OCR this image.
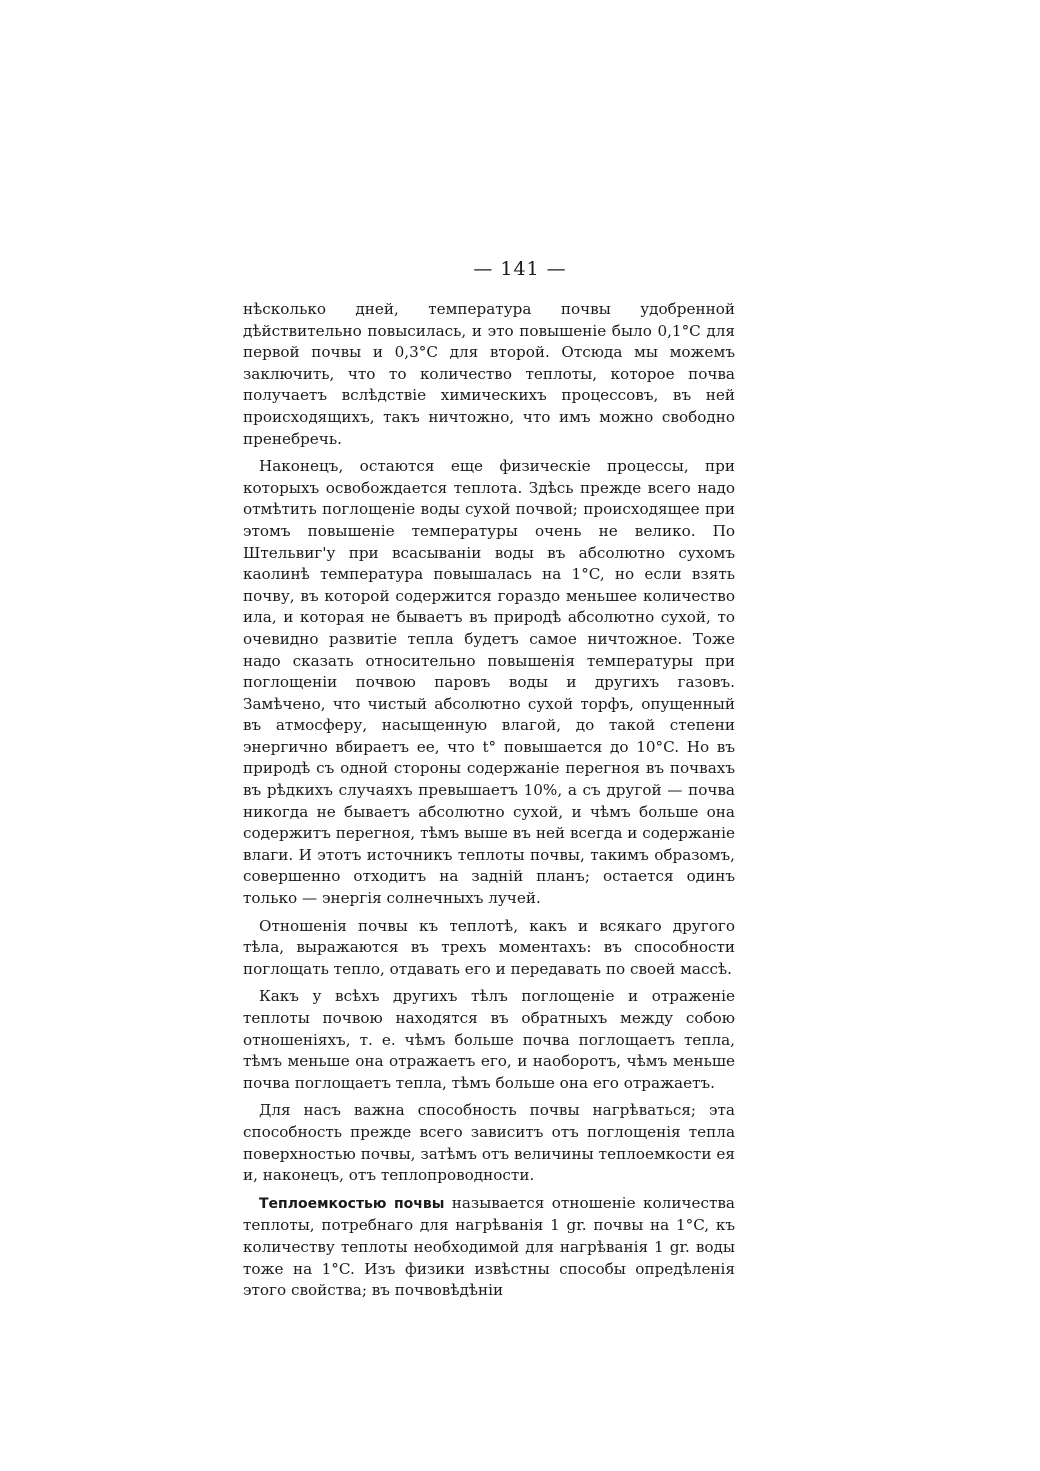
— 141 —

нѣсколько дней, температура почвы удобренной дѣйствительно повысилась, и это повышеніе было 0,1°C для первой почвы и 0,3°C для второй. Отсюда мы можемъ заключить, что то количество теплоты, которое почва получаетъ вслѣдствіе химическихъ процессовъ, въ ней происходящихъ, такъ ничтожно, что имъ можно свободно пренебречь.

Наконецъ, остаются еще физическіе процессы, при которыхъ освобождается теплота. Здѣсь прежде всего надо отмѣтить поглощеніе воды сухой почвой; происходящее при этомъ повышеніе температуры очень не велико. По Штельвиг'у при всасываніи воды въ абсолютно сухомъ каолинѣ температура повышалась на 1°C, но если взять почву, въ которой содержится гораздо меньшее количество ила, и которая не бываетъ въ природѣ абсолютно сухой, то очевидно развитіе тепла будетъ самое ничтожное. Тоже надо сказать относительно повышенія температуры при поглощеніи почвою паровъ воды и другихъ газовъ. Замѣчено, что чистый абсолютно сухой торфъ, опущенный въ атмосферу, насыщенную влагой, до такой степени энергично вбираетъ ее, что t° повышается до 10°C. Но въ природѣ съ одной стороны содержаніе перегноя въ почвахъ въ рѣдкихъ случаяхъ превышаетъ 10%, а съ другой — почва никогда не бываетъ абсолютно сухой, и чѣмъ больше она содержитъ перегноя, тѣмъ выше въ ней всегда и содержаніе влаги. И этотъ источникъ теплоты почвы, такимъ образомъ, совершенно отходитъ на заднiй планъ; остается одинъ только — энергія солнечныхъ лучей.

Отношенія почвы къ теплотѣ, какъ и всякаго другого тѣла, выражаются въ трехъ моментахъ: въ способности поглощать тепло, отдавать его и передавать по своей массѣ.

Какъ у всѣхъ другихъ тѣлъ поглощеніе и отраженіе теплоты почвою находятся въ обратныхъ между собою отношеніяхъ, т. е. чѣмъ больше почва поглощаетъ тепла, тѣмъ меньше она отражаетъ его, и наоборотъ, чѣмъ меньше почва поглощаетъ тепла, тѣмъ больше она его отражаетъ.

Для насъ важна способность почвы нагрѣваться; эта способность прежде всего зависитъ отъ поглощенія тепла поверхностью почвы, затѣмъ отъ величины теплоемкости ея и, наконецъ, отъ теплопроводности.

Теплоемкостью почвы называется отношеніе количества теплоты, потребнаго для нагрѣванія 1 gr. почвы на 1°C, къ количеству теплоты необходимой для нагрѣванія 1 gr. воды тоже на 1°C. Изъ физики извѣстны способы опредѣленія этого свойства; въ почвовѣдѣніи
